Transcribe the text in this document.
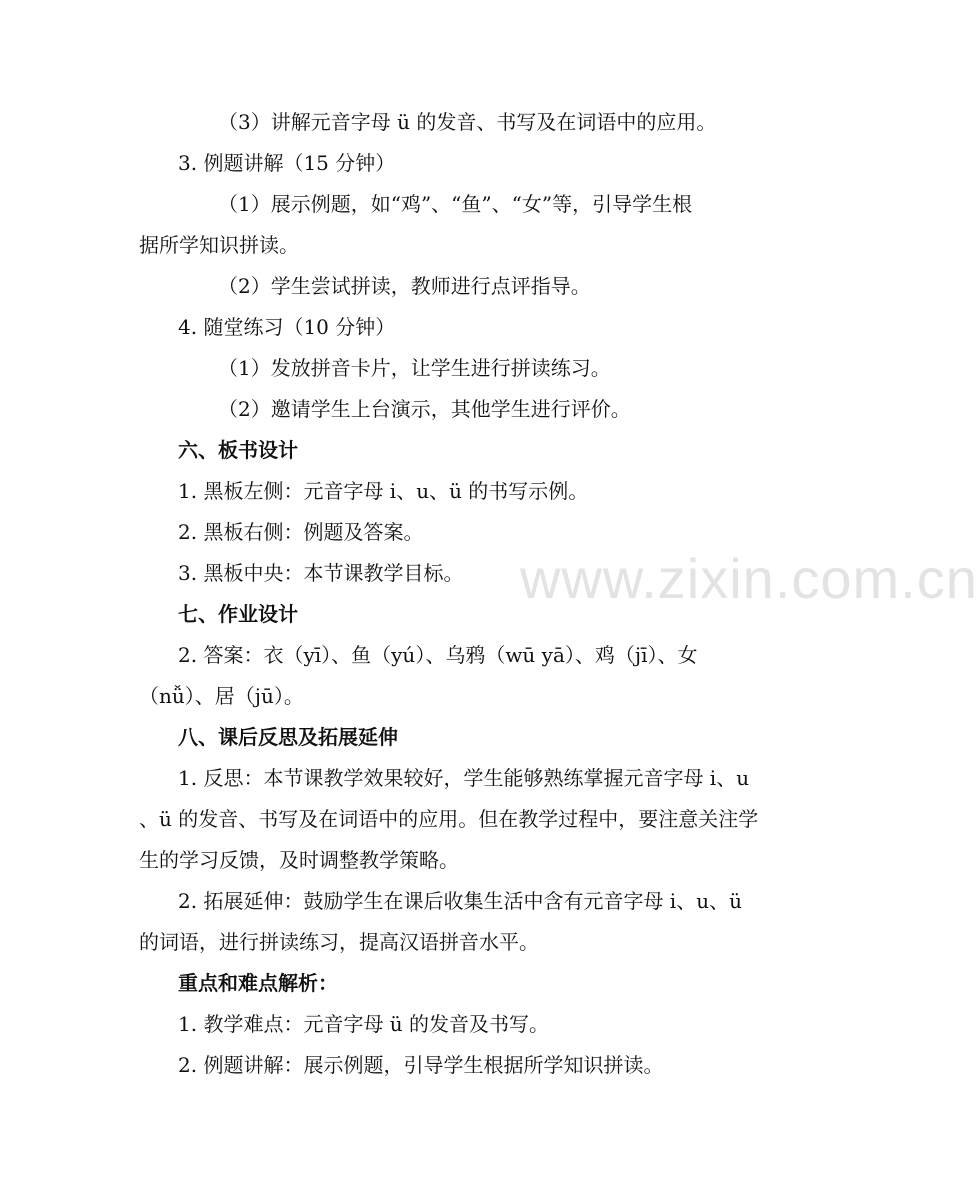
www.zixin.com.cn
（3）讲解元音字母 ü 的发音、书写及在词语中的应用。
3. 例题讲解（15 分钟）
（1）展示例题，如“鸡”、“鱼”、“女”等，引导学生根
据所学知识拼读。
（2）学生尝试拼读，教师进行点评指导。
4. 随堂练习（10 分钟）
（1）发放拼音卡片，让学生进行拼读练习。
（2）邀请学生上台演示，其他学生进行评价。
六、板书设计
1. 黑板左侧：元音字母 i、u、ü 的书写示例。
2. 黑板右侧：例题及答案。
3. 黑板中央：本节课教学目标。
七、作业设计
2. 答案：衣（yī）、鱼（yú）、乌鸦（wū yā）、鸡（jī）、女
（nǚ）、居（jū）。
八、课后反思及拓展延伸
1. 反思：本节课教学效果较好，学生能够熟练掌握元音字母 i、u
、ü 的发音、书写及在词语中的应用。但在教学过程中，要注意关注学
生的学习反馈，及时调整教学策略。
2. 拓展延伸：鼓励学生在课后收集生活中含有元音字母 i、u、ü
的词语，进行拼读练习，提高汉语拼音水平。
重点和难点解析：
1. 教学难点：元音字母 ü 的发音及书写。
2. 例题讲解：展示例题，引导学生根据所学知识拼读。
